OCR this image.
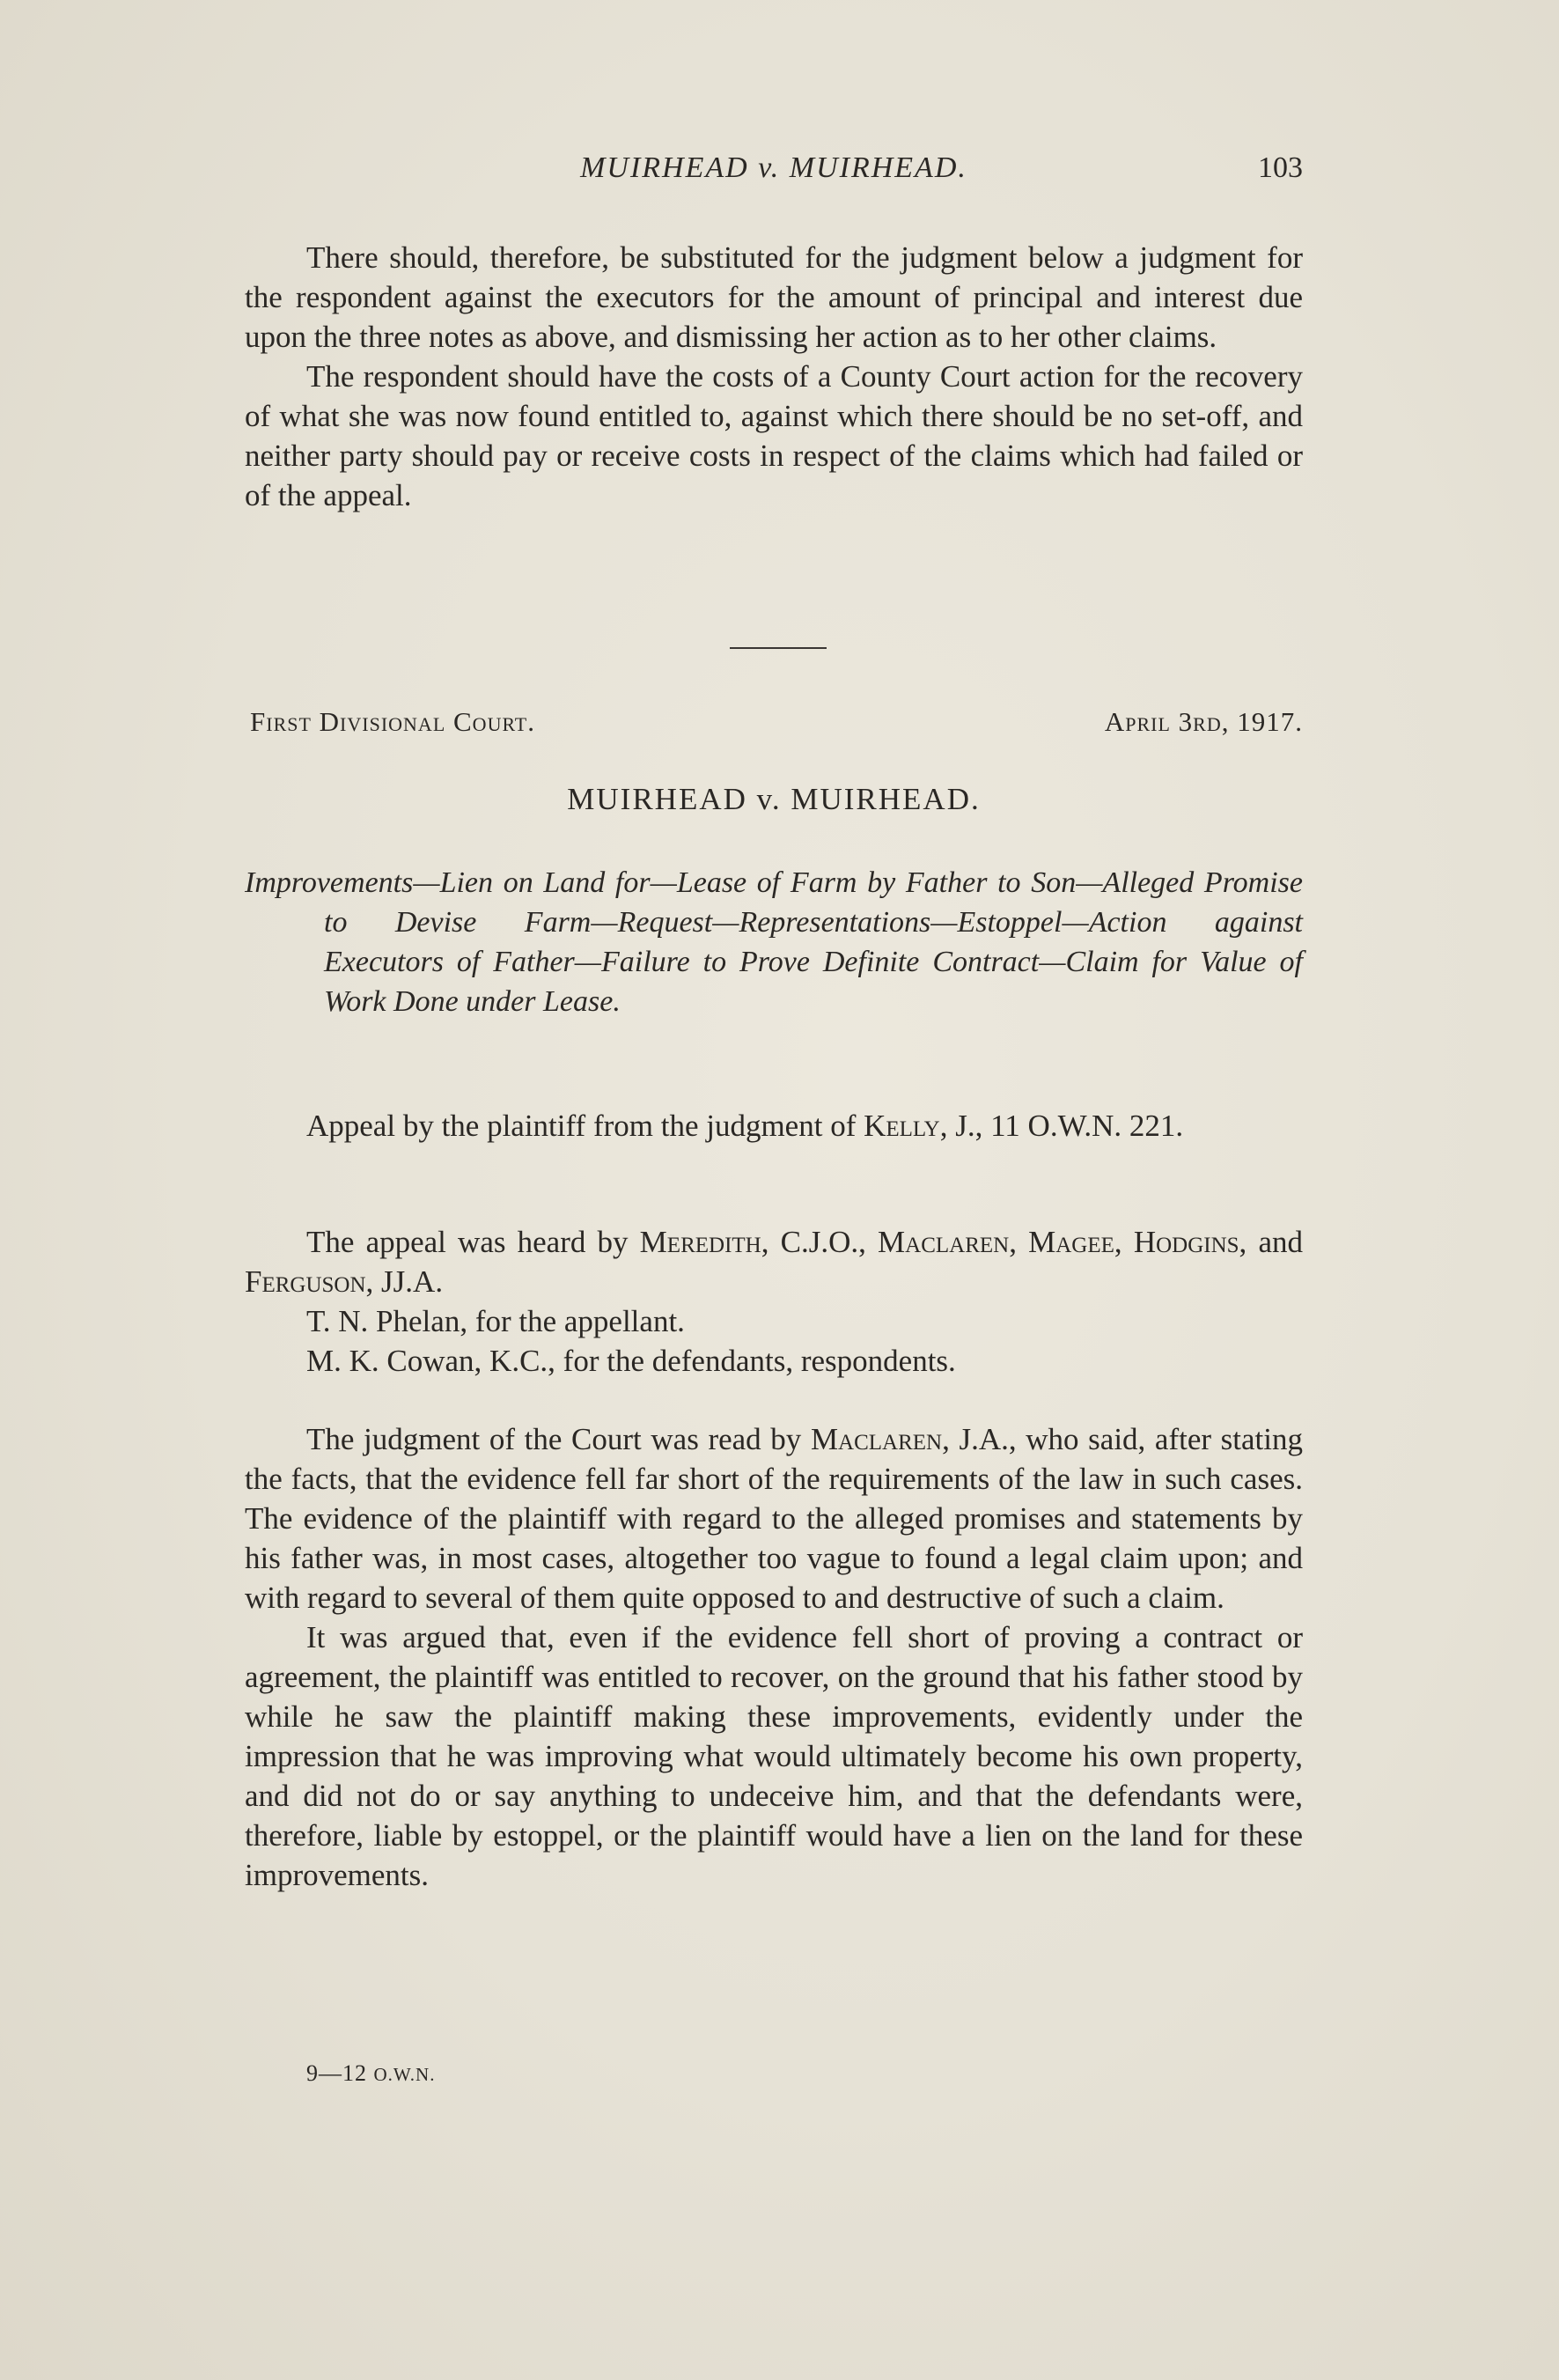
MUIRHEAD v. MUIRHEAD.	103

There should, therefore, be substituted for the judgment below a judgment for the respondent against the executors for the amount of principal and interest due upon the three notes as above, and dismissing her action as to her other claims.

The respondent should have the costs of a County Court action for the recovery of what she was now found entitled to, against which there should be no set-off, and neither party should pay or receive costs in respect of the claims which had failed or of the appeal.

First Divisional Court.	April 3rd, 1917.
MUIRHEAD v. MUIRHEAD.
Improvements—Lien on Land for—Lease of Farm by Father to Son—Alleged Promise to Devise Farm—Request—Representations—Estoppel—Action against Executors of Father—Failure to Prove Definite Contract—Claim for Value of Work Done under Lease.

Appeal by the plaintiff from the judgment of Kelly, J., 11 O.W.N. 221.

The appeal was heard by Meredith, C.J.O., Maclaren, Magee, Hodgins, and Ferguson, JJ.A.

T. N. Phelan, for the appellant.

M. K. Cowan, K.C., for the defendants, respondents.

The judgment of the Court was read by Maclaren, J.A., who said, after stating the facts, that the evidence fell far short of the requirements of the law in such cases. The evidence of the plaintiff with regard to the alleged promises and statements by his father was, in most cases, altogether too vague to found a legal claim upon; and with regard to several of them quite opposed to and destructive of such a claim.

It was argued that, even if the evidence fell short of proving a contract or agreement, the plaintiff was entitled to recover, on the ground that his father stood by while he saw the plaintiff making these improvements, evidently under the impression that he was improving what would ultimately become his own property, and did not do or say anything to undeceive him, and that the defendants were, therefore, liable by estoppel, or the plaintiff would have a lien on the land for these improvements.

9—12 O.W.N.
